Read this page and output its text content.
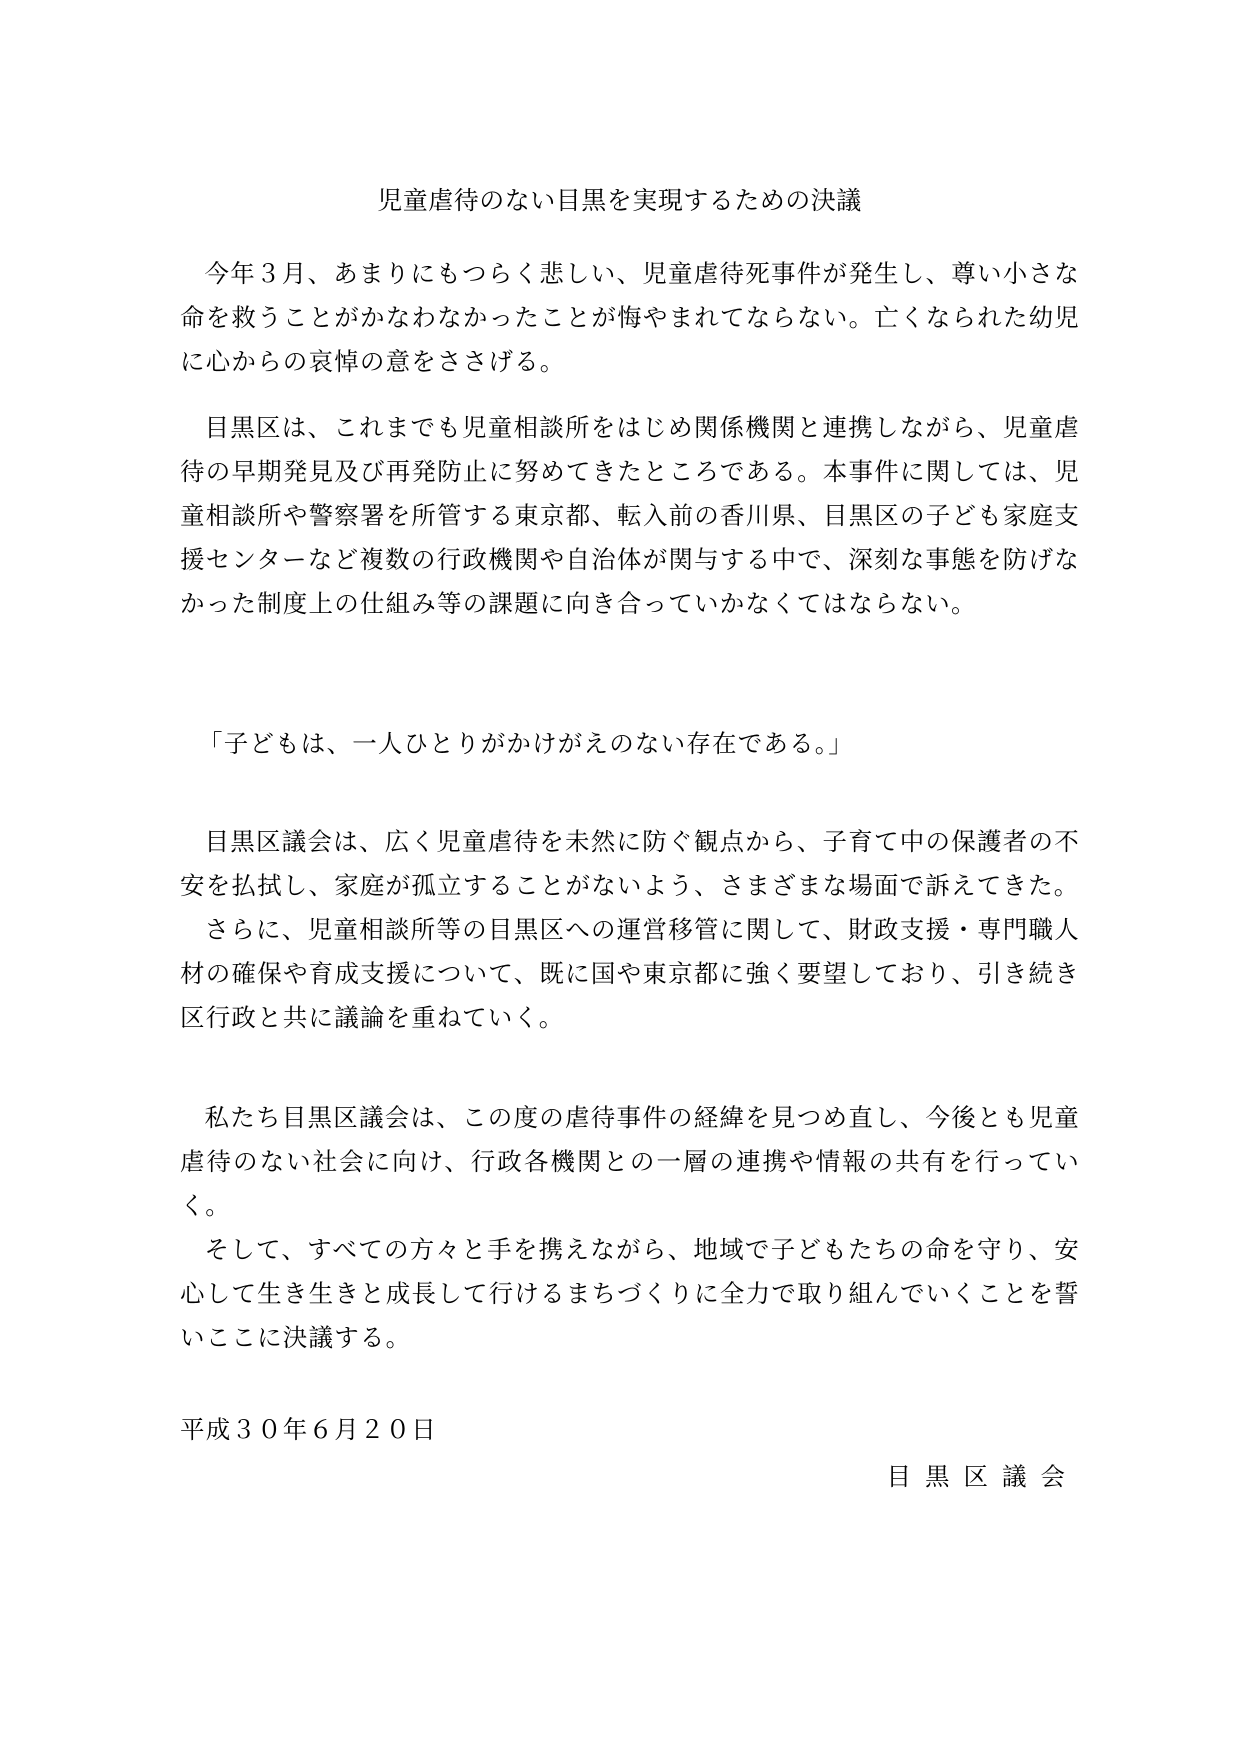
児童虐待のない目黒を実現するための決議

今年３月、あまりにもつらく悲しい、児童虐待死事件が発生し、尊い小さな命を救うことがかなわなかったことが悔やまれてならない。亡くなられた幼児に心からの哀悼の意をささげる。

目黒区は、これまでも児童相談所をはじめ関係機関と連携しながら、児童虐待の早期発見及び再発防止に努めてきたところである。本事件に関しては、児童相談所や警察署を所管する東京都、転入前の香川県、目黒区の子ども家庭支援センターなど複数の行政機関や自治体が関与する中で、深刻な事態を防げなかった制度上の仕組み等の課題に向き合っていかなくてはならない。

「子どもは、一人ひとりがかけがえのない存在である。」

目黒区議会は、広く児童虐待を未然に防ぐ観点から、子育て中の保護者の不安を払拭し、家庭が孤立することがないよう、さまざまな場面で訴えてきた。

さらに、児童相談所等の目黒区への運営移管に関して、財政支援・専門職人材の確保や育成支援について、既に国や東京都に強く要望しており、引き続き区行政と共に議論を重ねていく。

私たち目黒区議会は、この度の虐待事件の経緯を見つめ直し、今後とも児童虐待のない社会に向け、行政各機関との一層の連携や情報の共有を行っていく。

そして、すべての方々と手を携えながら、地域で子どもたちの命を守り、安心して生き生きと成長して行けるまちづくりに全力で取り組んでいくことを誓いここに決議する。

平成３０年６月２０日
目黒区議会
